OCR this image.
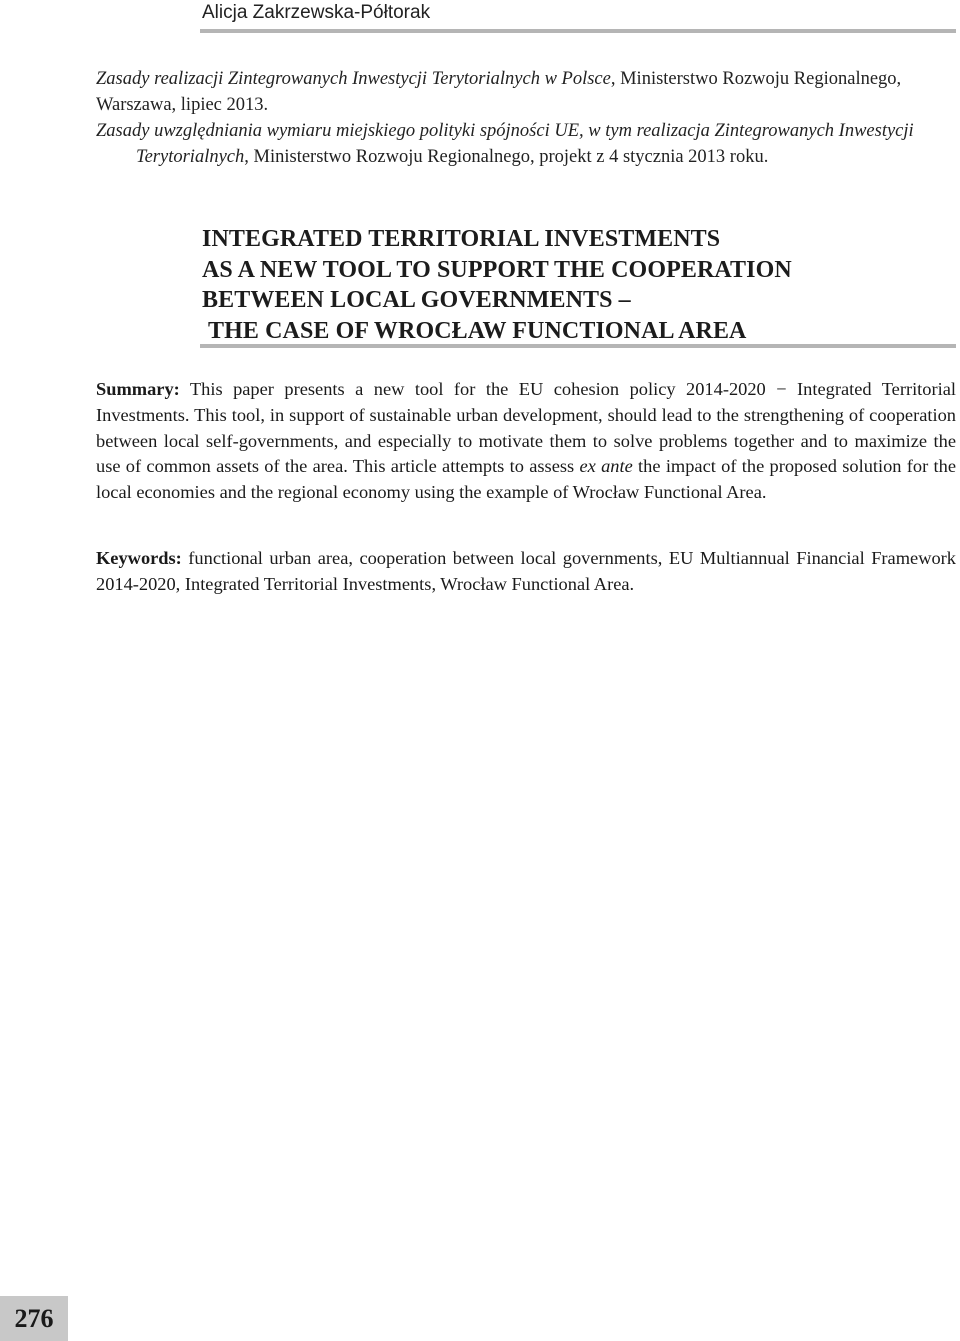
Alicja Zakrzewska-Półtorak

Zasady realizacji Zintegrowanych Inwestycji Terytorialnych w Polsce, Ministerstwo Rozwoju Regionalnego, Warszawa, lipiec 2013.

Zasady uwzględniania wymiaru miejskiego polityki spójności UE, w tym realizacja Zintegrowanych Inwestycji Terytorialnych, Ministerstwo Rozwoju Regionalnego, projekt z 4 stycznia 2013 roku.

INTEGRATED TERRITORIAL INVESTMENTS
AS A NEW TOOL TO SUPPORT THE COOPERATION
BETWEEN LOCAL GOVERNMENTS –
THE CASE OF WROCŁAW FUNCTIONAL AREA

Summary: This paper presents a new tool for the EU cohesion policy 2014-2020 − Integrated Territorial Investments. This tool, in support of sustainable urban development, should lead to the strengthening of cooperation between local self-governments, and especially to motivate them to solve problems together and to maximize the use of common assets of the area. This article attempts to assess ex ante the impact of the proposed solution for the local economies and the regional economy using the example of Wrocław Functional Area.

Keywords: functional urban area, cooperation between local governments, EU Multiannual Financial Framework 2014-2020, Integrated Territorial Investments, Wrocław Functional Area.

276
